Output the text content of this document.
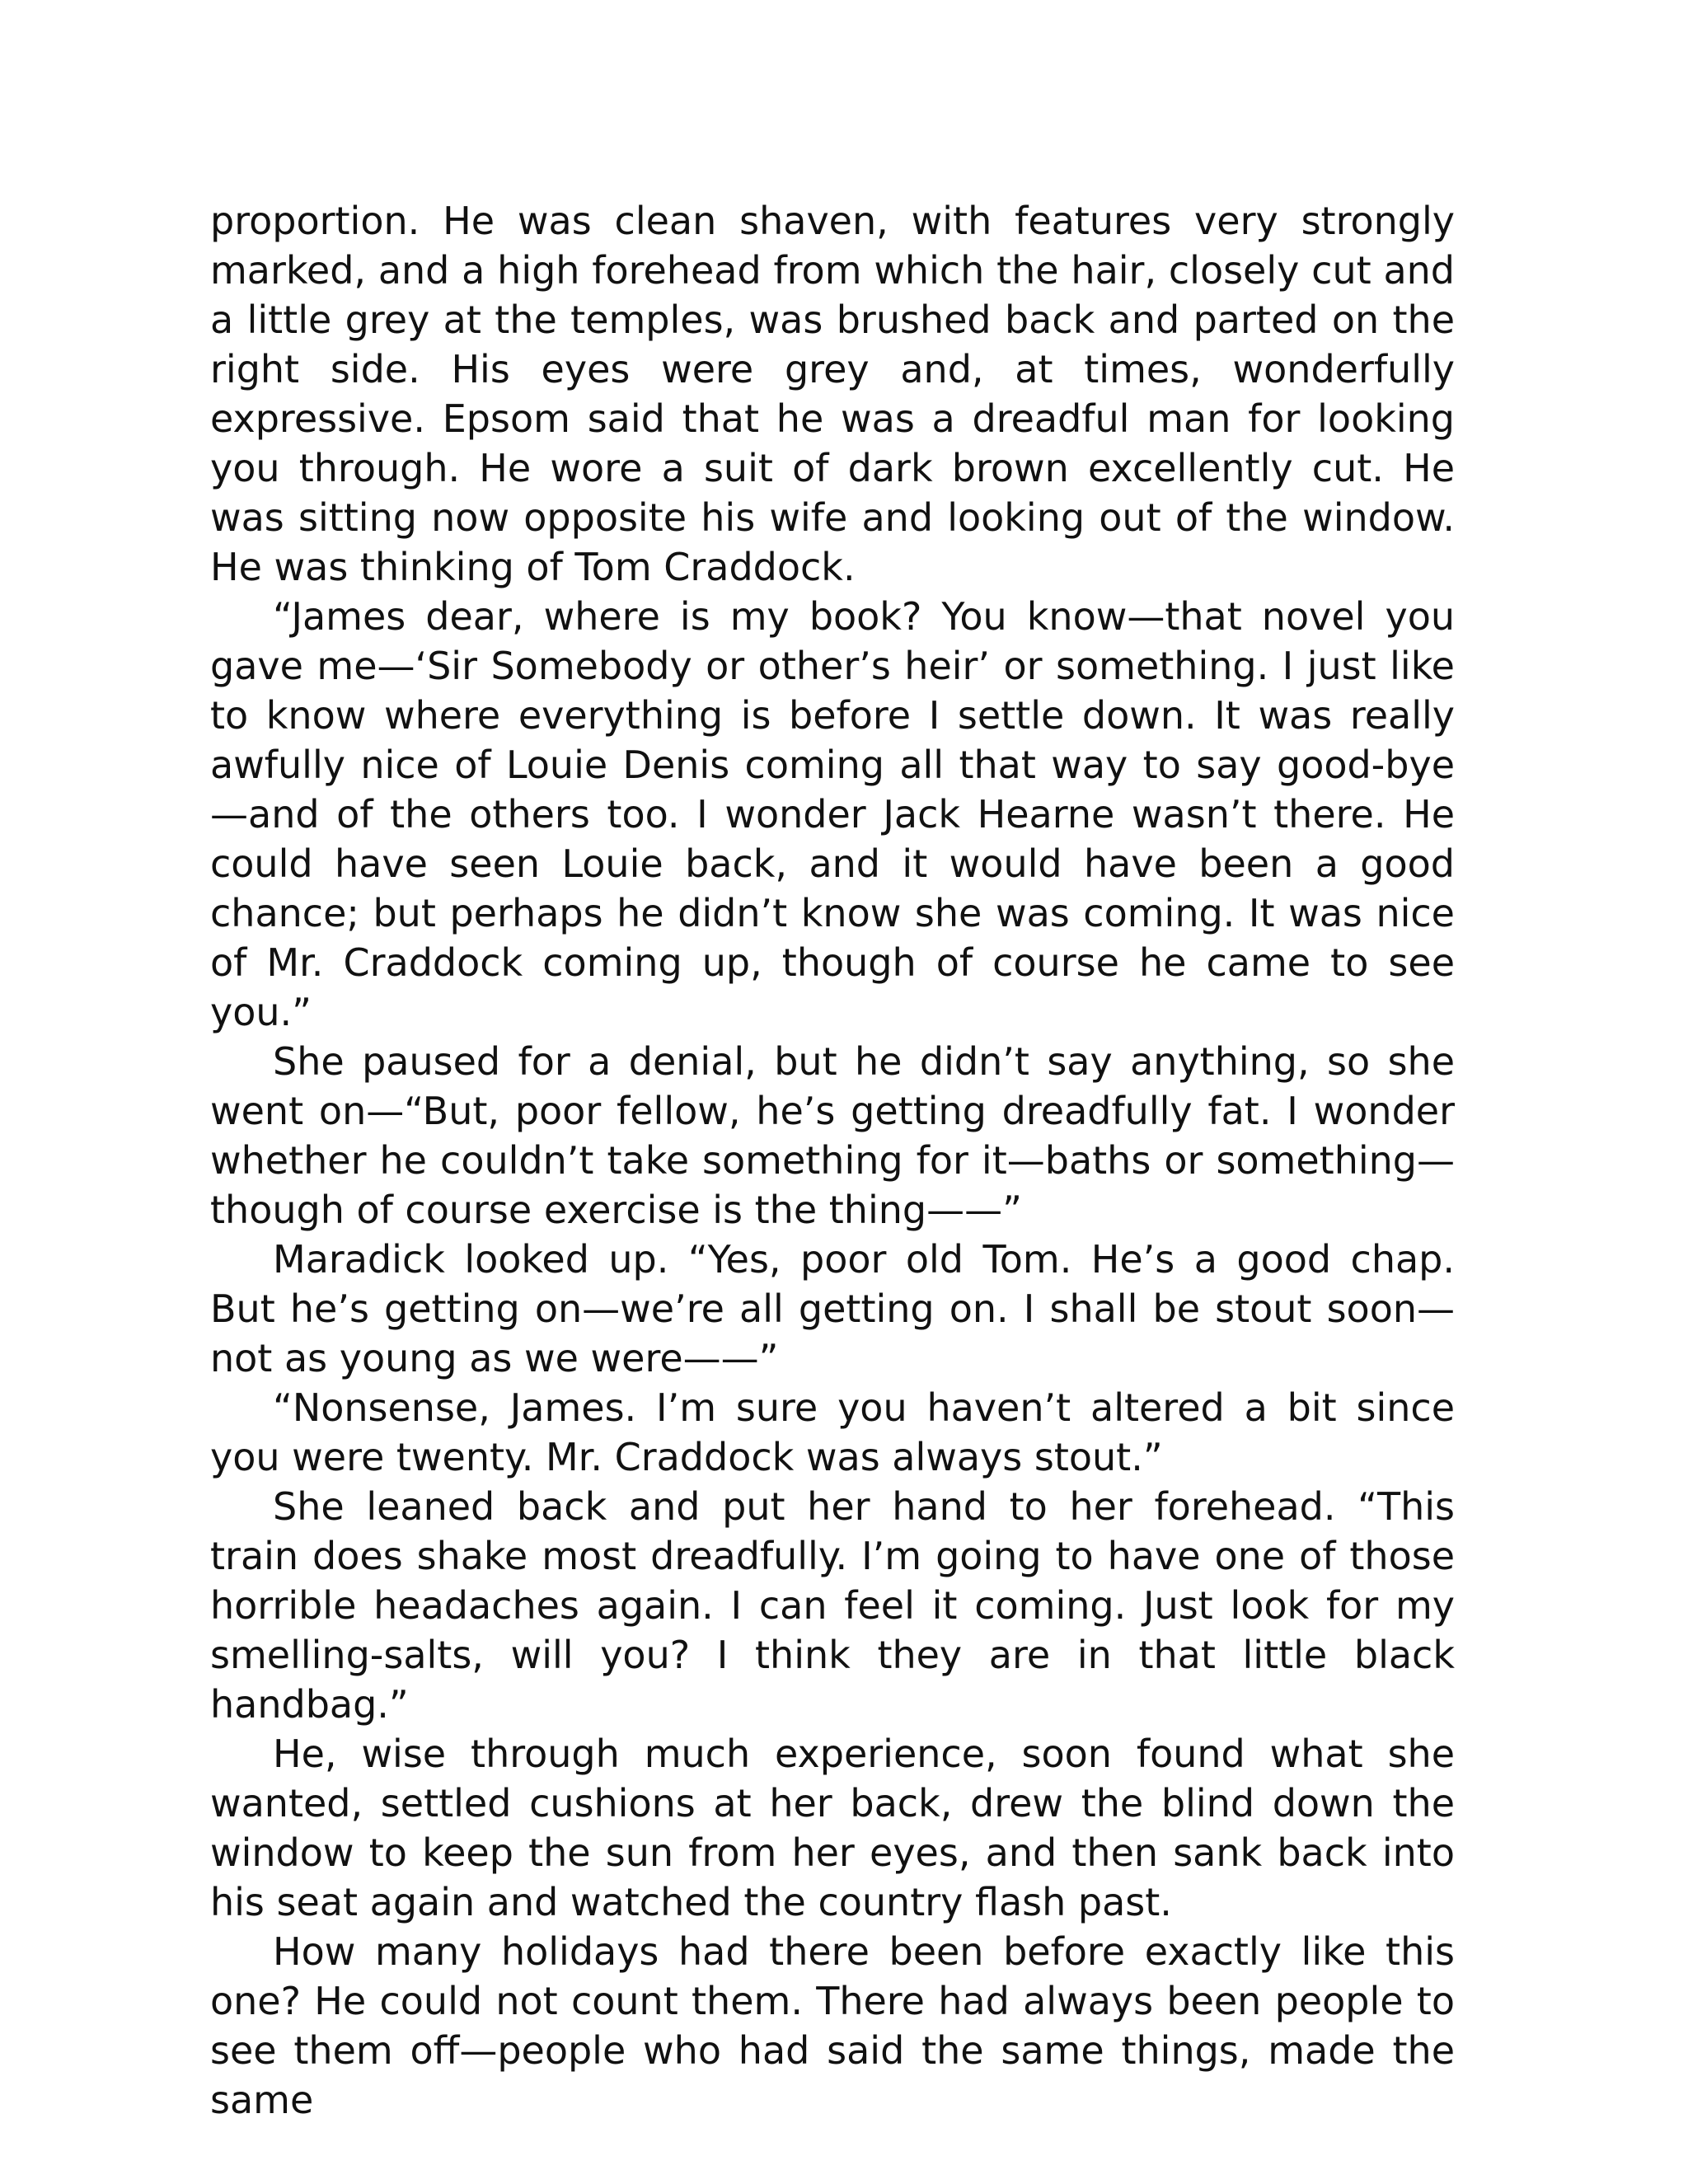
proportion. He was clean shaven, with features very strongly marked, and a high forehead from which the hair, closely cut and a little grey at the temples, was brushed back and parted on the right side. His eyes were grey and, at times, wonderfully expressive. Epsom said that he was a dreadful man for looking you through. He wore a suit of dark brown excellently cut. He was sitting now opposite his wife and looking out of the window. He was thinking of Tom Craddock.

“James dear, where is my book? You know—that novel you gave me—‘Sir Somebody or other’s heir’ or something. I just like to know where everything is before I settle down. It was really awfully nice of Louie Denis coming all that way to say good-bye—and of the others too. I wonder Jack Hearne wasn’t there. He could have seen Louie back, and it would have been a good chance; but perhaps he didn’t know she was coming. It was nice of Mr. Craddock coming up, though of course he came to see you.”

She paused for a denial, but he didn’t say anything, so she went on—“But, poor fellow, he’s getting dreadfully fat. I wonder whether he couldn’t take something for it—baths or something—though of course exercise is the thing——”

Maradick looked up. “Yes, poor old Tom. He’s a good chap. But he’s getting on—we’re all getting on. I shall be stout soon—not as young as we were——”

“Nonsense, James. I’m sure you haven’t altered a bit since you were twenty. Mr. Craddock was always stout.”

She leaned back and put her hand to her forehead. “This train does shake most dreadfully. I’m going to have one of those horrible headaches again. I can feel it coming. Just look for my smelling-salts, will you? I think they are in that little black handbag.”

He, wise through much experience, soon found what she wanted, settled cushions at her back, drew the blind down the window to keep the sun from her eyes, and then sank back into his seat again and watched the country flash past.

How many holidays had there been before exactly like this one? He could not count them. There had always been people to see them off—people who had said the same things, made the same
